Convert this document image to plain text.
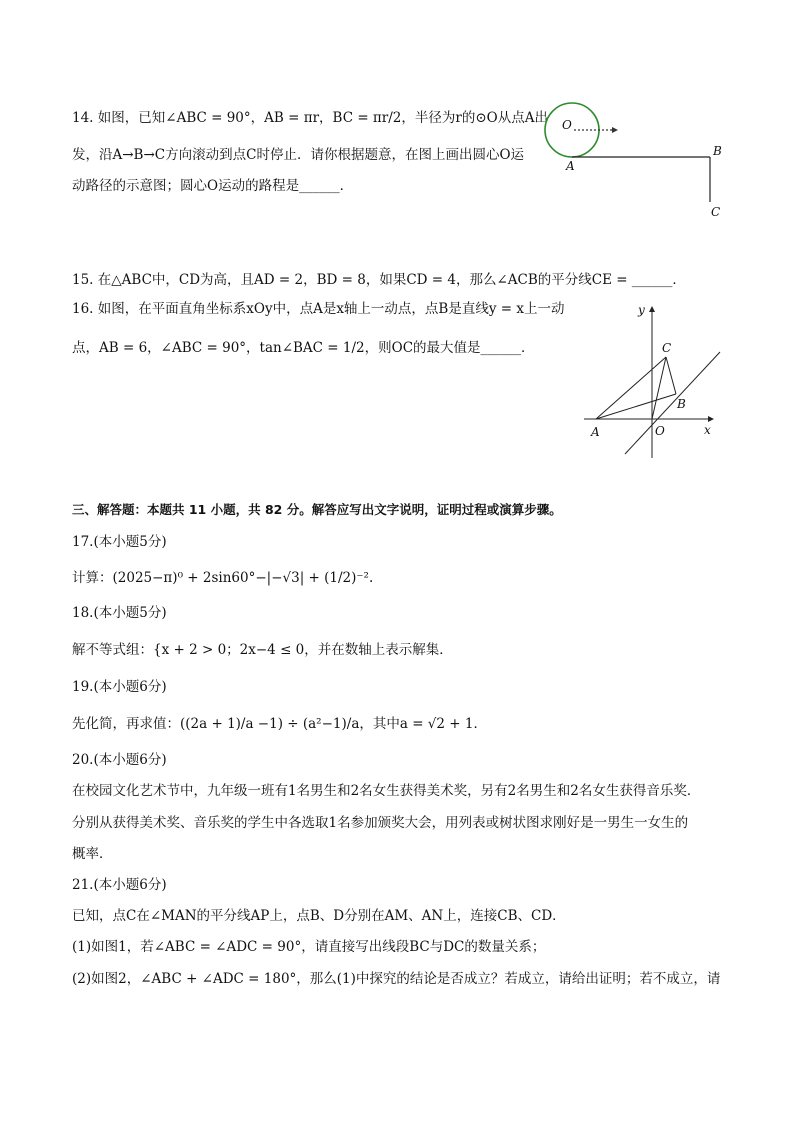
14. 如图，已知∠ABC = 90°，AB = πr，BC = πr/2，半径为r的⊙O从点A出
发，沿A→B→C方向滚动到点C时停止．请你根据题意，在图上画出圆心O运
动路径的示意图；圆心O运动的路程是______．
O
A
B
C
15. 在△ABC中，CD为高，且AD = 2，BD = 8，如果CD = 4，那么∠ACB的平分线CE = ______．
16. 如图，在平面直角坐标系xOy中，点A是x轴上一动点，点B是直线y = x上一动
点，AB = 6，∠ABC = 90°，tan∠BAC = 1/2，则OC的最大值是______．
y
x
O
A
B
C
三、解答题：本题共 11 小题，共 82 分。解答应写出文字说明，证明过程或演算步骤。
17.(本小题5分)
计算：(2025−π)⁰ + 2sin60°−|−√3| + (1/2)⁻².
18.(本小题5分)
解不等式组：{x + 2 > 0；2x−4 ≤ 0，并在数轴上表示解集．
19.(本小题6分)
先化简，再求值：((2a + 1)/a −1) ÷ (a²−1)/a，其中a = √2 + 1．
20.(本小题6分)
在校园文化艺术节中，九年级一班有1名男生和2名女生获得美术奖，另有2名男生和2名女生获得音乐奖．
分别从获得美术奖、音乐奖的学生中各选取1名参加颁奖大会，用列表或树状图求刚好是一男生一女生的
概率．
21.(本小题6分)
已知，点C在∠MAN的平分线AP上，点B、D分别在AM、AN上，连接CB、CD．
(1)如图1，若∠ABC = ∠ADC = 90°，请直接写出线段BC与DC的数量关系；
(2)如图2，∠ABC + ∠ADC = 180°，那么(1)中探究的结论是否成立？若成立，请给出证明；若不成立，请
